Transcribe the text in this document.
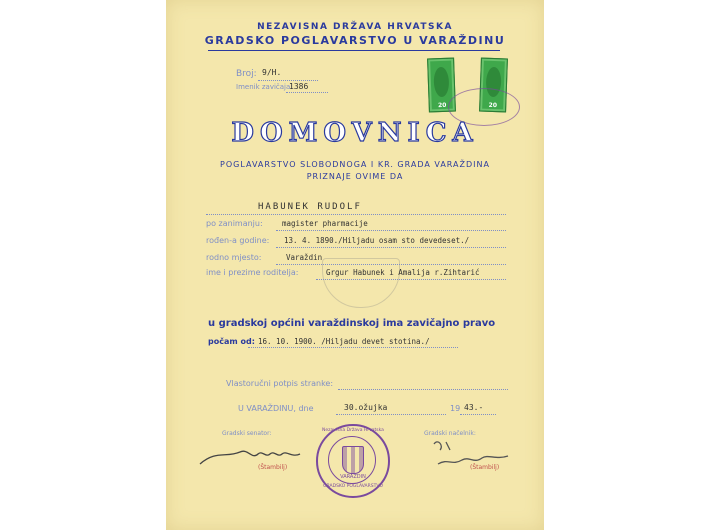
NEZAVISNA DRŽAVA HRVATSKA
GRADSKO POGLAVARSTVO U VARAŽDINU
Broj: 9/H.
Imenik zavičaja:
1386
20	20
DOMOVNICA
POGLAVARSTVO SLOBODNOGA I KR. GRADA VARAŽDINA
PRIZNAJE OVIME DA
HABUNEK RUDOLF
po zanimanju:	magister pharmacije
rođen-a godine: 13. 4. 1890./Hiljadu osam sto devedeset./
rodno mjesto:	Varaždin
ime i prezime roditelja:	Grgur Habunek i Amalija r.Zihtarić
u gradskoj općini varaždinskoj ima zavičajno pravo
počam od: 16. 10. 1900. /Hiljadu devet stotina./
Vlastoručni potpis stranke:
U VARAŽDINU, dne	30.ožujka	19 43.-
Gradski senator:	Gradski načelnik:
(Štambilj)	(Štambilj)
Nezavisna Država Hrvatska
VARAŽDIN
GRADSKO POGLAVARSTVO
